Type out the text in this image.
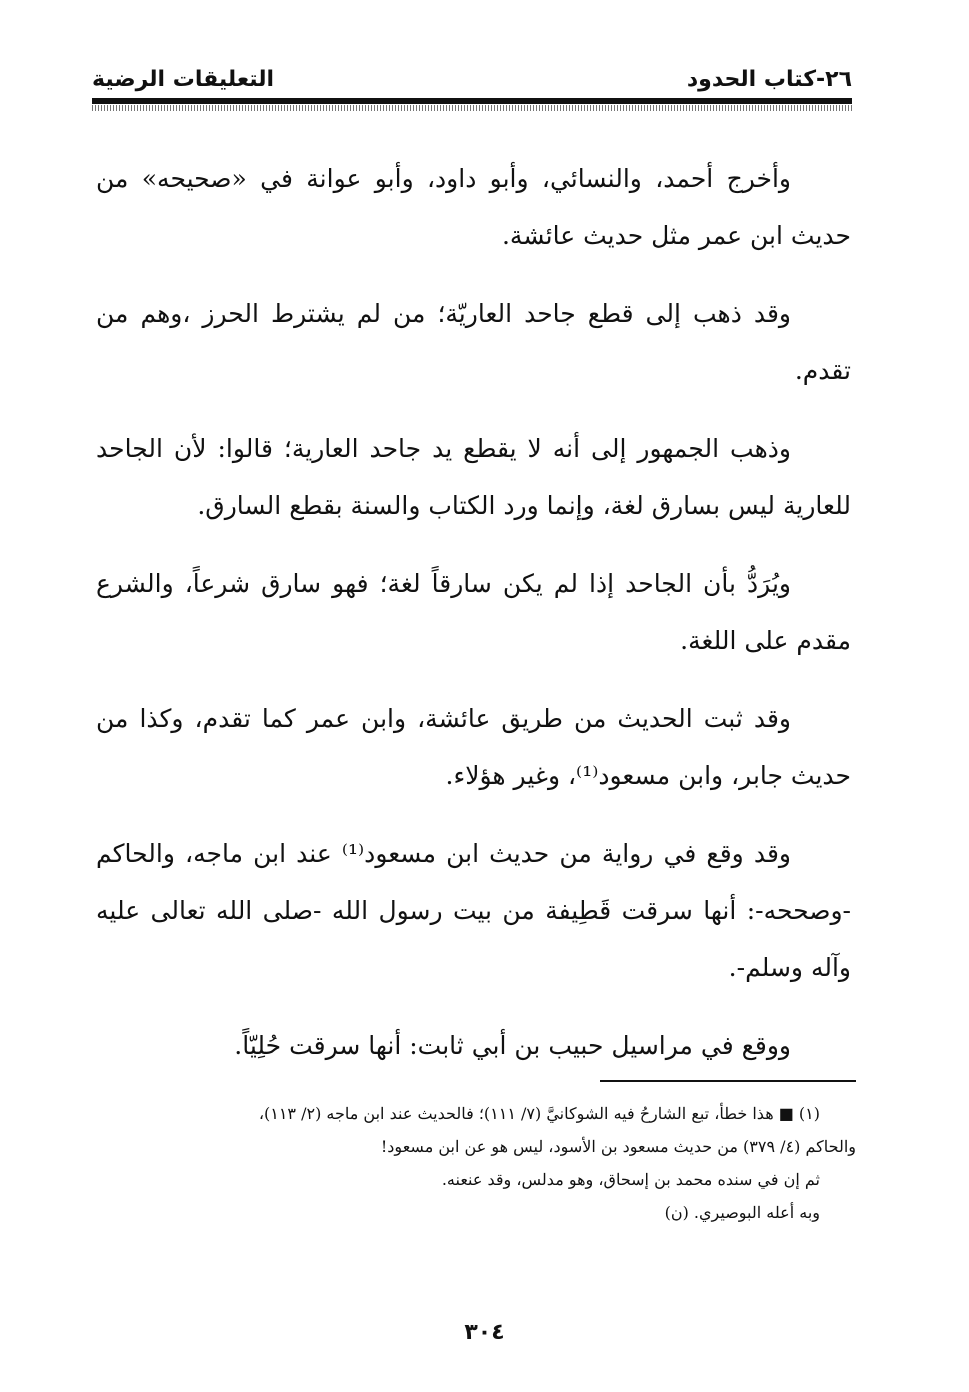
٢٦-كتاب الحدود
التعليقات الرضية

وأخرج أحمد، والنسائي، وأبو داود، وأبو عوانة في «صحيحه» من حديث ابن عمر مثل حديث عائشة.

وقد ذهب إلى قطع جاحد العاريّة؛ من لم يشترط الحرز ،وهم من تقدم.

وذهب الجمهور إلى أنه لا يقطع يد جاحد العارية؛ قالوا: لأن الجاحد للعارية ليس بسارق لغة، وإنما ورد الكتاب والسنة بقطع السارق.

ويُرَدُّ بأن الجاحد إذا لم يكن سارقاً لغة؛ فهو سارق شرعاً، والشرع مقدم على اللغة.

وقد ثبت الحديث من طريق عائشة، وابن عمر كما تقدم، وكذا من حديث جابر، وابن مسعود⁽¹⁾، وغير هؤلاء.

وقد وقع في رواية من حديث ابن مسعود⁽¹⁾ عند ابن ماجه، والحاكم -وصححه-: أنها سرقت قَطِيفة من بيت رسول الله -صلى الله تعالى عليه وآله وسلم-.

ووقع في مراسيل حبيب بن أبي ثابت: أنها سرقت حُلِيّاً.

(١) ■ هذا خطأ، تبع الشارحُ فيه الشوكانيَّ (٧/ ١١١)؛ فالحديث عند ابن ماجه (٢/ ١١٣)،

والحاكم (٤/ ٣٧٩) من حديث مسعود بن الأسود، ليس هو عن ابن مسعود!

ثم إن في سنده محمد بن إسحاق، وهو مدلس، وقد عنعنه.

وبه أعله البوصيري. (ن)

٣٠٤
